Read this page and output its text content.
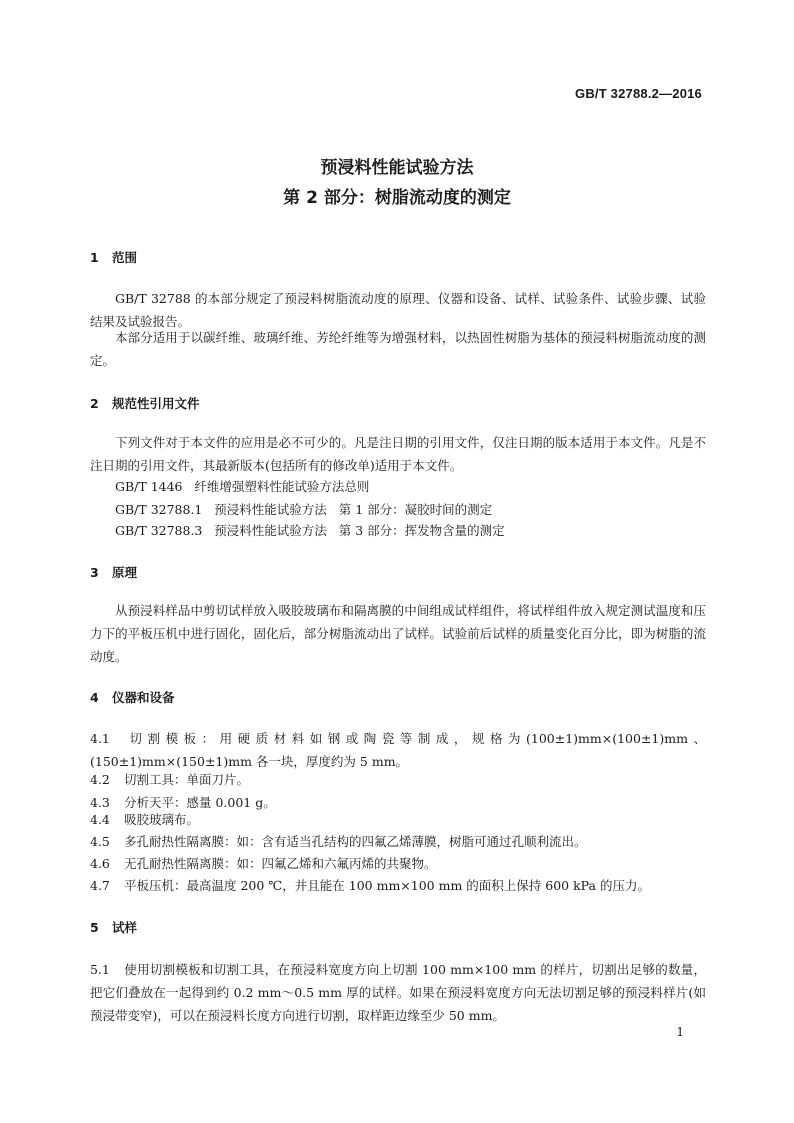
GB/T 32788.2—2016
预浸料性能试验方法
第 2 部分：树脂流动度的测定
1 范围
GB/T 32788 的本部分规定了预浸料树脂流动度的原理、仪器和设备、试样、试验条件、试验步骤、试验结果及试验报告。
本部分适用于以碳纤维、玻璃纤维、芳纶纤维等为增强材料，以热固性树脂为基体的预浸料树脂流动度的测定。
2 规范性引用文件
下列文件对于本文件的应用是必不可少的。凡是注日期的引用文件，仅注日期的版本适用于本文件。凡是不注日期的引用文件，其最新版本(包括所有的修改单)适用于本文件。
GB/T 1446   纤维增强塑料性能试验方法总则
GB/T 32788.1   预浸料性能试验方法   第 1 部分：凝胶时间的测定
GB/T 32788.3   预浸料性能试验方法   第 3 部分：挥发物含量的测定
3 原理
从预浸料样品中剪切试样放入吸胶玻璃布和隔离膜的中间组成试样组件，将试样组件放入规定测试温度和压力下的平板压机中进行固化，固化后，部分树脂流动出了试样。试验前后试样的质量变化百分比，即为树脂的流动度。
4 仪器和设备
4.1 切割模板：用硬质材料如钢或陶瓷等制成，规格为(100±1)mm×(100±1)mm、(150±1)mm×(150±1)mm 各一块，厚度约为 5 mm。
4.2 切割工具：单面刀片。
4.3 分析天平：感量 0.001 g。
4.4 吸胶玻璃布。
4.5 多孔耐热性隔离膜：如：含有适当孔结构的四氟乙烯薄膜，树脂可通过孔顺利流出。
4.6 无孔耐热性隔离膜：如：四氟乙烯和六氟丙烯的共聚物。
4.7 平板压机：最高温度 200 ℃，并且能在 100 mm×100 mm 的面积上保持 600 kPa 的压力。
5 试样
5.1 使用切割模板和切割工具，在预浸料宽度方向上切割 100 mm×100 mm 的样片，切割出足够的数量，把它们叠放在一起得到约 0.2 mm～0.5 mm 厚的试样。如果在预浸料宽度方向无法切割足够的预浸料样片(如预浸带变窄)，可以在预浸料长度方向进行切割，取样距边缘至少 50 mm。
1
